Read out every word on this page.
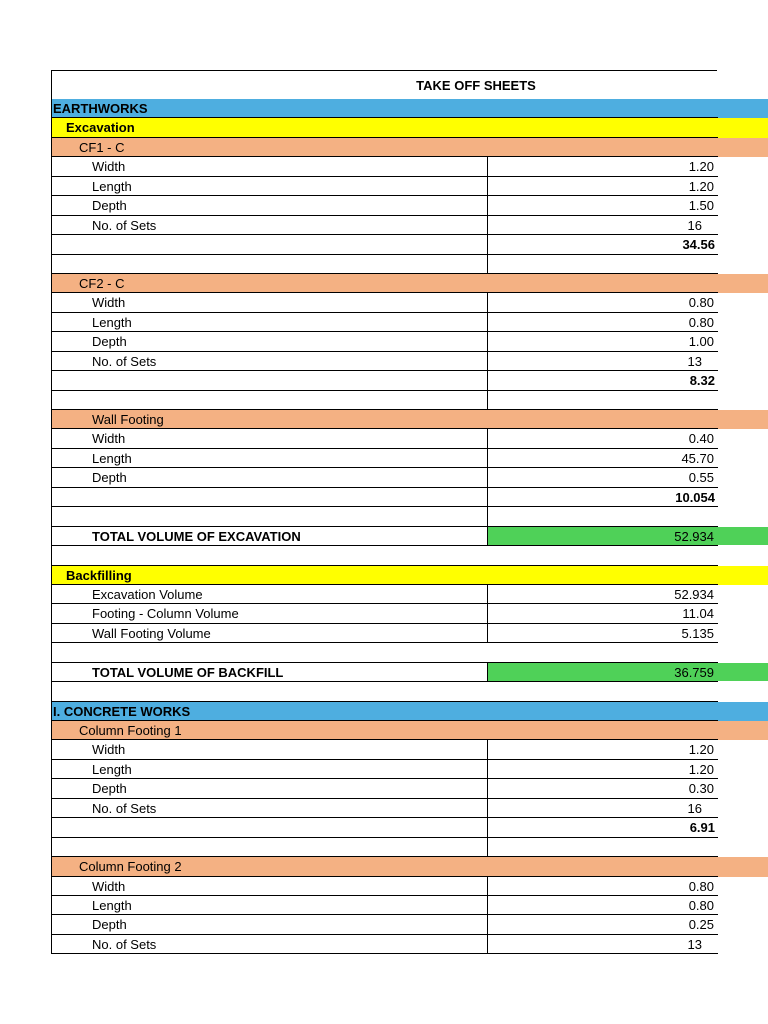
TAKE OFF SHEETS
EARTHWORKS
Excavation
CF1 - C
Width	1.20
Length	1.20
Depth	1.50
No. of Sets	16
34.56
CF2 - C
Width	0.80
Length	0.80
Depth	1.00
No. of Sets	13
8.32
Wall Footing
Width	0.40
Length	45.70
Depth	0.55
10.054
TOTAL VOLUME OF EXCAVATION	52.934
Backfilling
Excavation Volume	52.934
Footing - Column Volume	11.04
Wall Footing Volume	5.135
TOTAL VOLUME OF BACKFILL	36.759
I. CONCRETE WORKS
Column Footing 1
Width	1.20
Length	1.20
Depth	0.30
No. of Sets	16
6.91
Column Footing 2
Width	0.80
Length	0.80
Depth	0.25
No. of Sets	13
